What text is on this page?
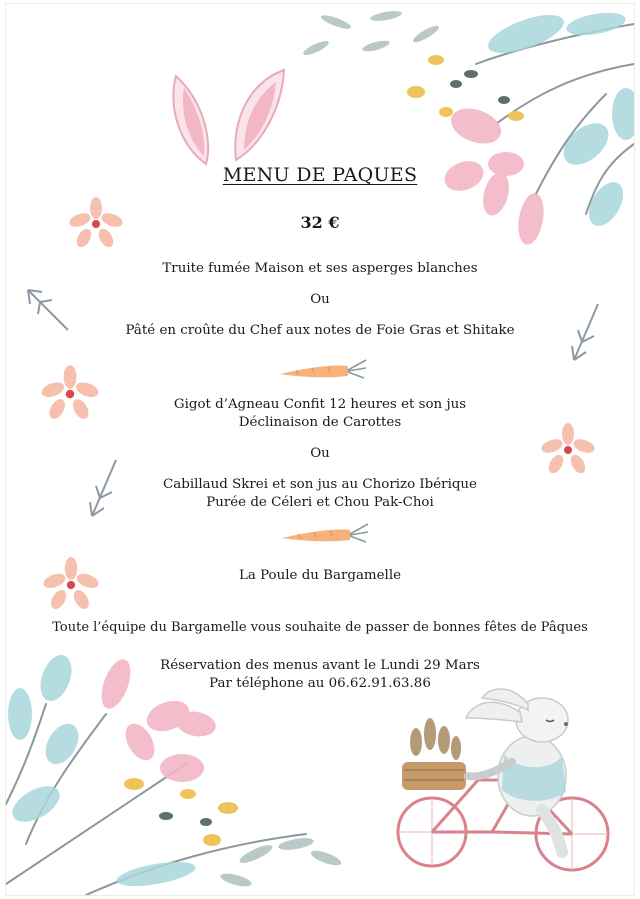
MENU DE PAQUES
32 €
Truite fumée Maison et ses asperges blanches
Ou
Pâté en croûte du Chef aux notes de Foie Gras et Shitake
Gigot d’Agneau Confit 12 heures et son jus
Déclinaison de Carottes
Ou
Cabillaud Skrei et son jus au Chorizo Ibérique
Purée de Céleri et Chou Pak-Choi
La Poule du Bargamelle
Toute l’équipe du Bargamelle vous souhaite de passer de bonnes fêtes de Pâques
Réservation des menus avant le Lundi 29 Mars
Par téléphone au 06.62.91.63.86
